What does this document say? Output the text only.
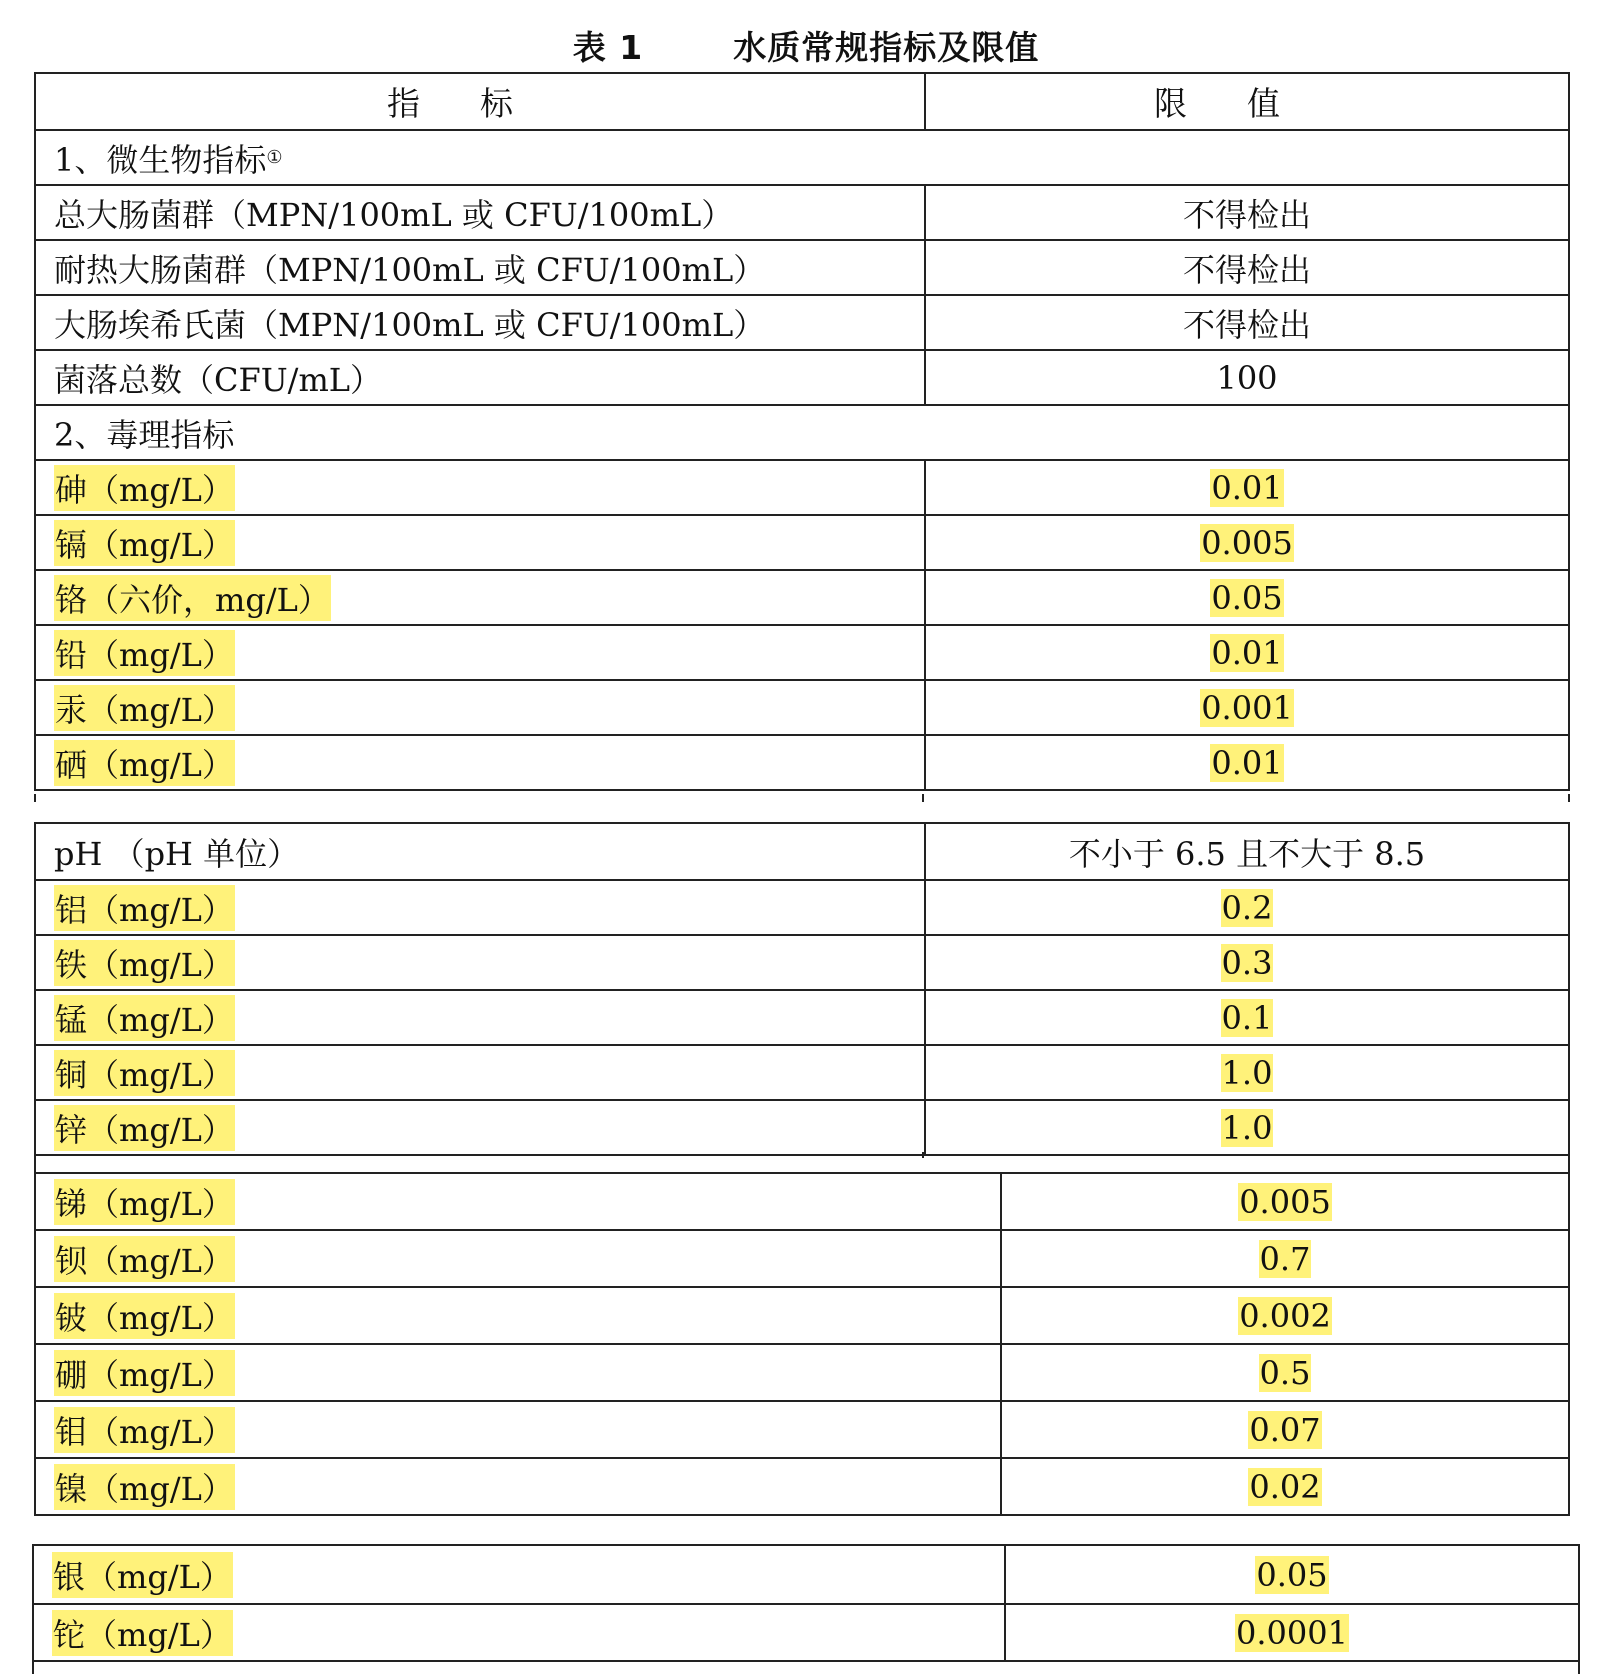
表 1	水质常规指标及限值
指标	限值
1、微生物指标 ①
总大肠菌群（MPN/100mL 或 CFU/100mL）	不得检出
耐热大肠菌群（MPN/100mL 或 CFU/100mL）	不得检出
大肠埃希氏菌（MPN/100mL 或 CFU/100mL）	不得检出
菌落总数（CFU/mL）	100
2、毒理指标
砷（mg/L）	0.01
镉（mg/L）	0.005
铬（六价，mg/L）	0.05
铅（mg/L）	0.01
汞（mg/L）	0.001
硒（mg/L）	0.01
pH （pH 单位）	不小于 6.5 且不大于 8.5
铝（mg/L）	0.2
铁（mg/L）	0.3
锰（mg/L）	0.1
铜（mg/L）	1.0
锌（mg/L）	1.0
锑（mg/L）	0.005
钡（mg/L）	0.7
铍（mg/L）	0.002
硼（mg/L）	0.5
钼（mg/L）	0.07
镍（mg/L）	0.02
银（mg/L）	0.05
铊（mg/L）	0.0001
